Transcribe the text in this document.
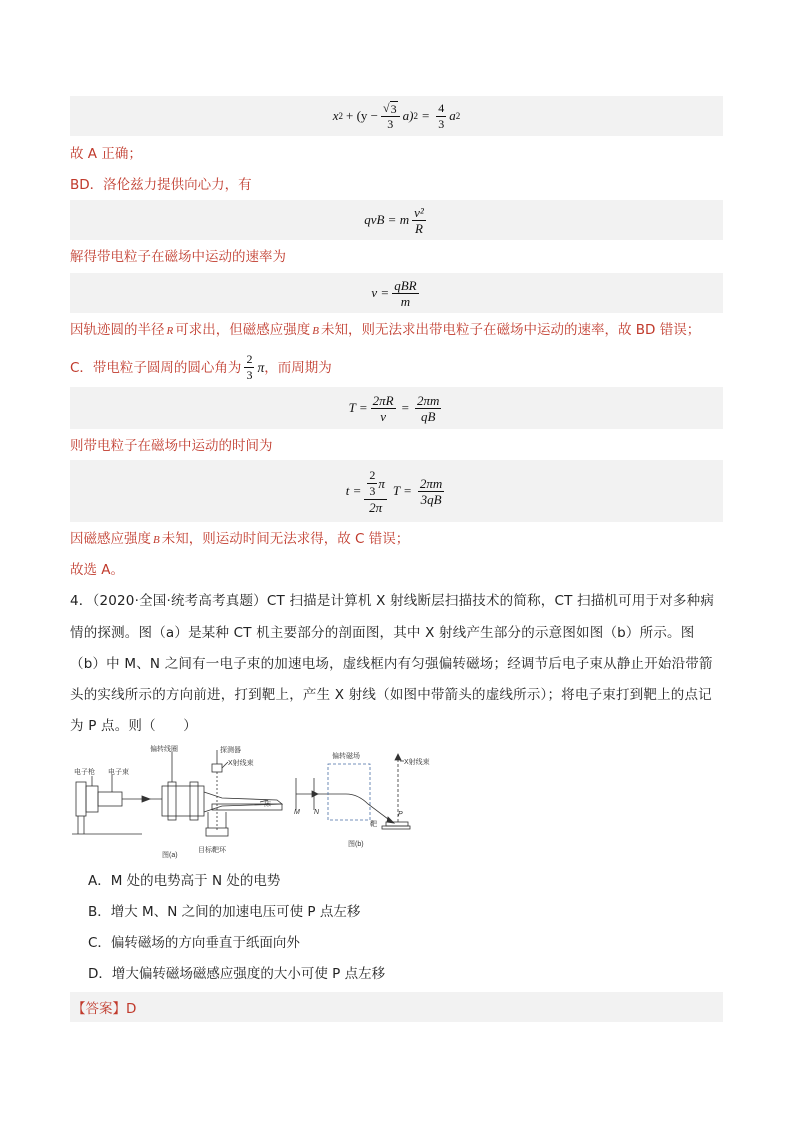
x $2 + (y - \frac{√ 3}{3} a)$ $2 = \frac{4}{3}$ a 2
故 A 正确；
BD．洛伦兹力提供向心力，有
qvB = m $\frac{\text{v²}}{R}$
解得带电粒子在磁场中运动的速率为
$v = \frac{\text{qBR}}{m}$
因轨迹圆的半径 R 可求出，但磁感应强度 B 未知，则无法求出带电粒子在磁场中运动的速率，故 BD 错误；
C．带电粒子圆周的圆心角为 $\frac{2}{3}$ π ，而周期为
$T = \frac{2\pi R}{v} = \frac{2\pi m}{qB}$
则带电粒子在磁场中运动的时间为
$t = \frac{\frac{2}{3} \pi}{2\pi}$ $T = \frac{2\pi m}{3qB}$
因磁感应强度 B 未知，则运动时间无法求得，故 C 错误；
故选 A。
4．（2020·全国·统考高考真题）CT 扫描是计算机 X 射线断层扫描技术的简称，CT 扫描机可用于对多种病
情的探测。图（a）是某种 CT 机主要部分的剖面图，其中 X 射线产生部分的示意图如图（b）所示。图
（b）中 M、N 之间有一电子束的加速电场，虚线框内有匀强偏转磁场；经调节后电子束从静止开始沿带箭
头的实线所示的方向前进，打到靶上，产生 X 射线（如图中带箭头的虚线所示）；将电子束打到靶上的点记
为 P 点。则（　　）
电子枪 电子束
偏转线圈	探测器
X射线束
床
目标靶环
图(a)
偏转磁场
X射线束
M N
靶
P
图(b)
A．M 处的电势高于 N 处的电势
B．增大 M、N 之间的加速电压可使 P 点左移
C．偏转磁场的方向垂直于纸面向外
D．增大偏转磁场磁感应强度的大小可使 P 点左移
【答案】D
